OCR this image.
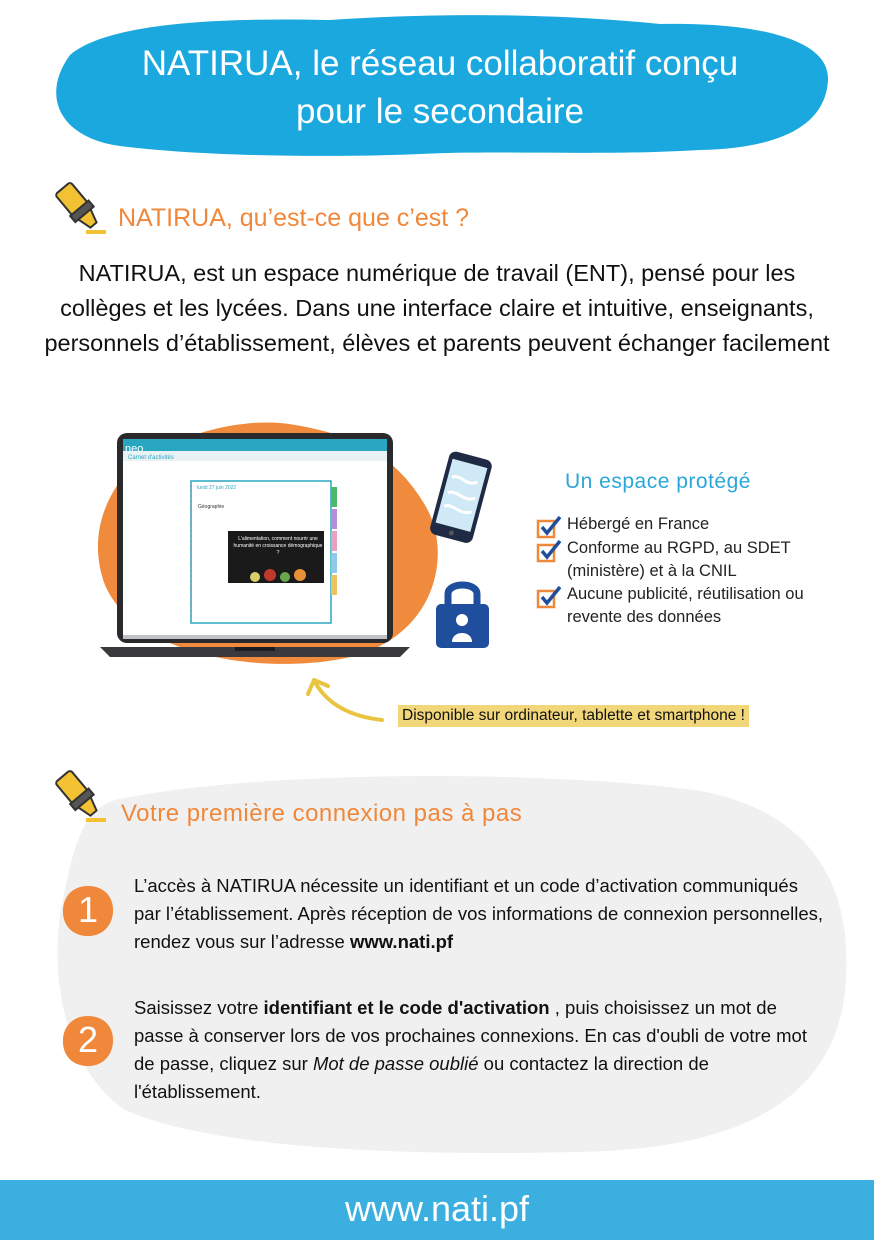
NATIRUA, le réseau collaboratif conçu
pour le secondaire
NATIRUA, qu’est-ce que c’est ?
NATIRUA, est un espace numérique de travail (ENT), pensé pour les collèges et les lycées. Dans une interface claire et intuitive, enseignants, personnels d’établissement, élèves et parents peuvent échanger facilement
neo
Carnet d'activités
lundi 27 juin 2022
Géographie
L'alimentation, comment nourrir une humanité en croissance démographique ?
Un espace protégé
Hébergé en France
Conforme au RGPD, au SDET (ministère) et à la CNIL
Aucune publicité, réutilisation ou revente des données
Disponible sur ordinateur, tablette et smartphone !
Votre première connexion pas à pas
1
L’accès à NATIRUA nécessite un identifiant et un code d’activation communiqués par l’établissement. Après réception de vos informations de connexion personnelles, rendez vous sur l’adresse www.nati.pf
2
Saisissez votre identifiant et le code d'activation , puis choisissez un mot de passe à conserver lors de vos prochaines connexions. En cas d'oubli de votre mot de passe, cliquez sur Mot de passe oublié ou contactez la direction de l'établissement.
www.nati.pf
